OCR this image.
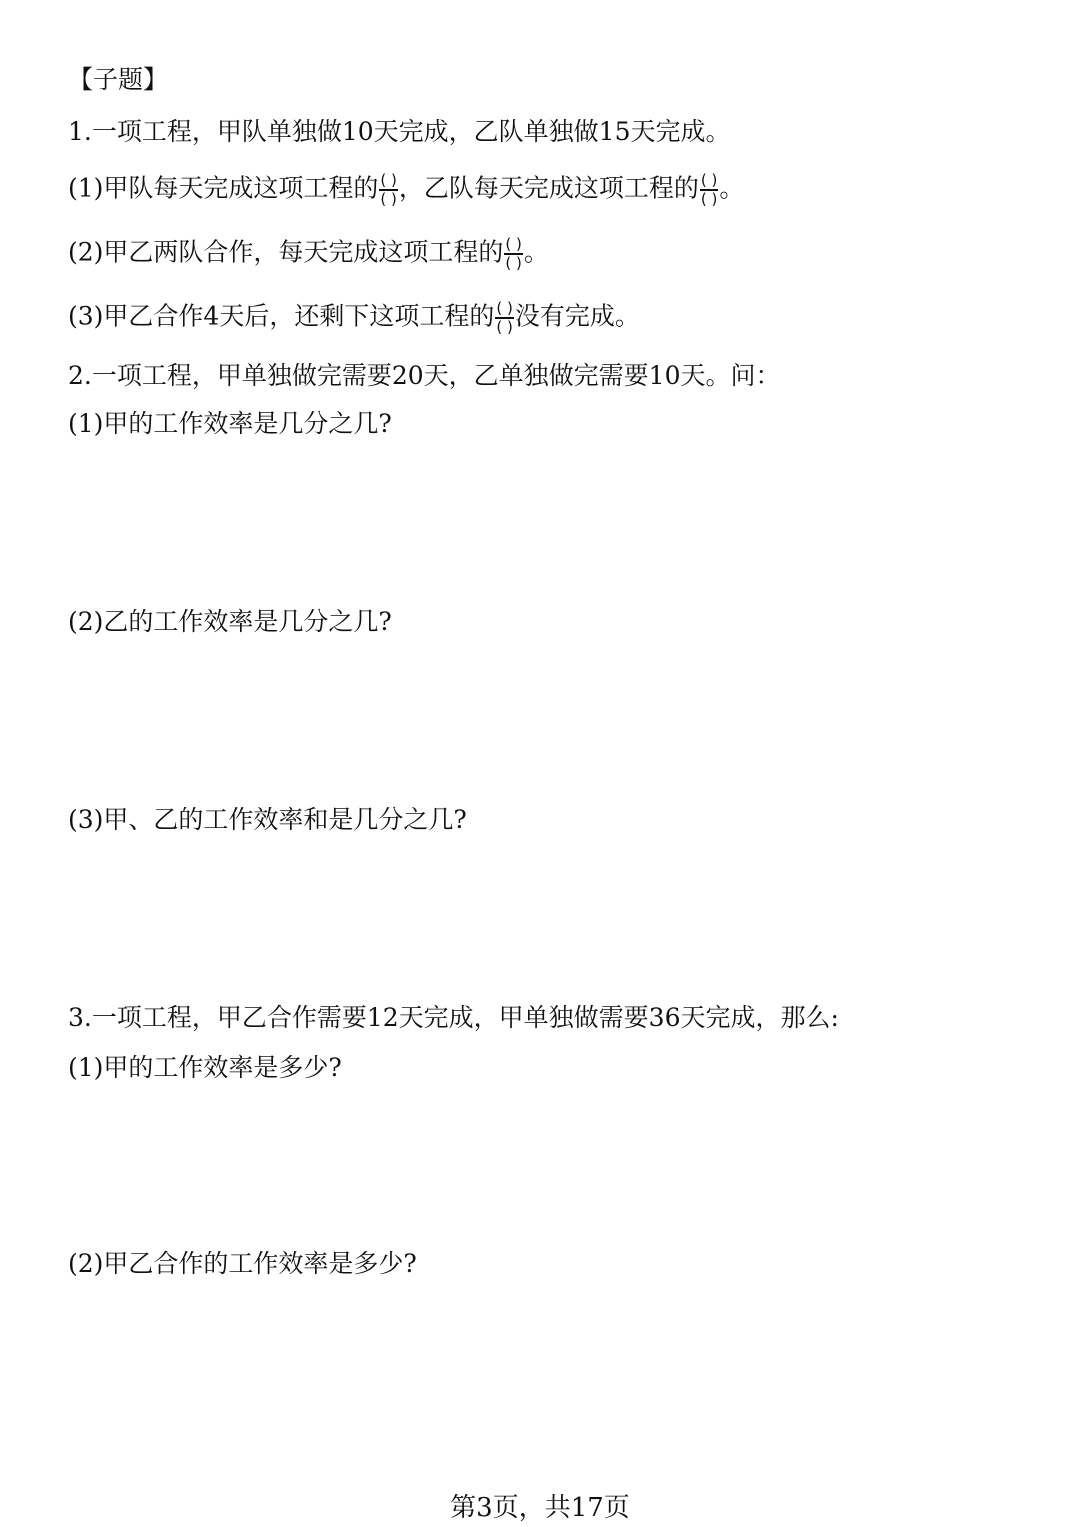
【子题】
1.一项工程，甲队单独做10天完成，乙队单独做15天完成。
(1)甲队每天完成这项工程的 $\frac{( )}{( )}$ ，乙队每天完成这项工程的 $\frac{( )}{( )}$ 。
(2)甲乙两队合作，每天完成这项工程的 $\frac{( )}{( )}$ 。
(3)甲乙合作4天后，还剩下这项工程的 $\frac{( )}{( )}$ 没有完成。
2.一项工程，甲单独做完需要20天，乙单独做完需要10天。问：
(1)甲的工作效率是几分之几?
(2)乙的工作效率是几分之几?
(3)甲、乙的工作效率和是几分之几?
3.一项工程，甲乙合作需要12天完成，甲单独做需要36天完成，那么:
(1)甲的工作效率是多少?
(2)甲乙合作的工作效率是多少?
第3页，共17页
